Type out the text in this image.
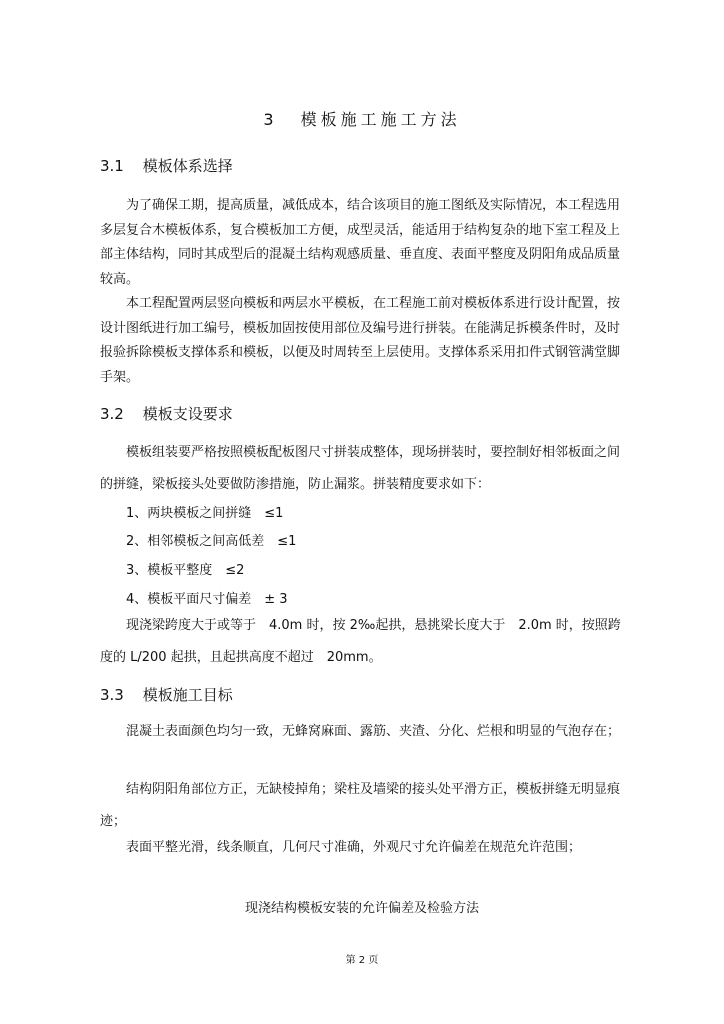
3 模板施工施工方法
3.1 模板体系选择

为了确保工期，提高质量，减低成本，结合该项目的施工图纸及实际情况，本工程选用多层复合木模板体系，复合模板加工方便，成型灵活，能适用于结构复杂的地下室工程及上部主体结构，同时其成型后的混凝土结构观感质量、垂直度、表面平整度及阴阳角成品质量较高。

本工程配置两层竖向模板和两层水平模板，在工程施工前对模板体系进行设计配置，按设计图纸进行加工编号，模板加固按使用部位及编号进行拼装。在能满足拆模条件时，及时报验拆除模板支撑体系和模板，以便及时周转至上层使用。支撑体系采用扣件式钢管满堂脚手架。

3.2 模板支设要求

模板组装要严格按照模板配板图尺寸拼装成整体，现场拼装时，要控制好相邻板面之间的拼缝，梁板接头处要做防渗措施，防止漏浆。拼装精度要求如下：

1、两块模板之间拼缝　≤1
2、相邻模板之间高低差　≤1
3、模板平整度　≤2
4、模板平面尺寸偏差　± 3

现浇梁跨度大于或等于　4.0m 时，按 2‰起拱，悬挑梁长度大于　2.0m 时，按照跨度的 L/200 起拱，且起拱高度不超过　20mm。

3.3 模板施工目标

混凝土表面颜色均匀一致，无蜂窝麻面、露筋、夹渣、分化、烂根和明显的气泡存在；

结构阴阳角部位方正，无缺棱掉角；梁柱及墙梁的接头处平滑方正，模板拼缝无明显痕迹；

表面平整光滑，线条顺直，几何尺寸准确，外观尺寸允许偏差在规范允许范围；

现浇结构模板安装的允许偏差及检验方法
第 2 页
